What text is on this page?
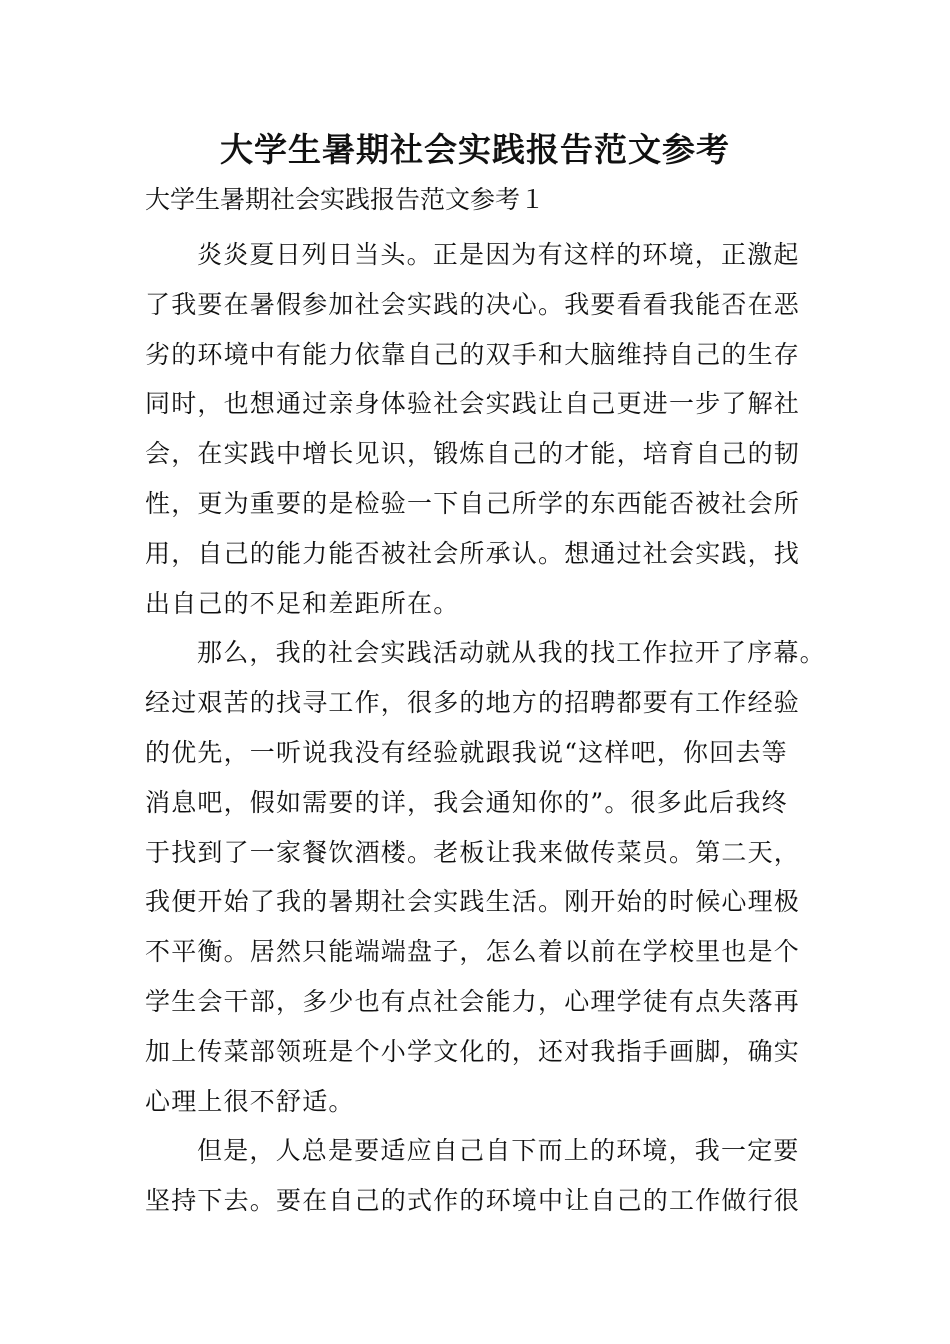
大学生暑期社会实践报告范文参考

大学生暑期社会实践报告范文参考１

炎炎夏日列日当头。正是因为有这样的环境，正激起
了我要在暑假参加社会实践的决心。我要看看我能否在恶
劣的环境中有能力依靠自己的双手和大脑维持自己的生存
同时，也想通过亲身体验社会实践让自己更进一步了解社
会，在实践中增长见识，锻炼自己的才能，培育自己的韧
性，更为重要的是检验一下自己所学的东西能否被社会所
用，自己的能力能否被社会所承认。想通过社会实践，找
出自己的不足和差距所在。
那么，我的社会实践活动就从我的找工作拉开了序幕。
经过艰苦的找寻工作，很多的地方的招聘都要有工作经验
的优先，一听说我没有经验就跟我说“这样吧，你回去等
消息吧，假如需要的详，我会通知你的”。很多此后我终
于找到了一家餐饮酒楼。老板让我来做传菜员。第二天，
我便开始了我的暑期社会实践生活。刚开始的时候心理极
不平衡。居然只能端端盘子，怎么着以前在学校里也是个
学生会干部，多少也有点社会能力，心理学徒有点失落再
加上传菜部领班是个小学文化的，还对我指手画脚，确实
心理上很不舒适。
但是，人总是要适应自己自下而上的环境，我一定要
坚持下去。要在自己的式作的环境中让自己的工作做行很
